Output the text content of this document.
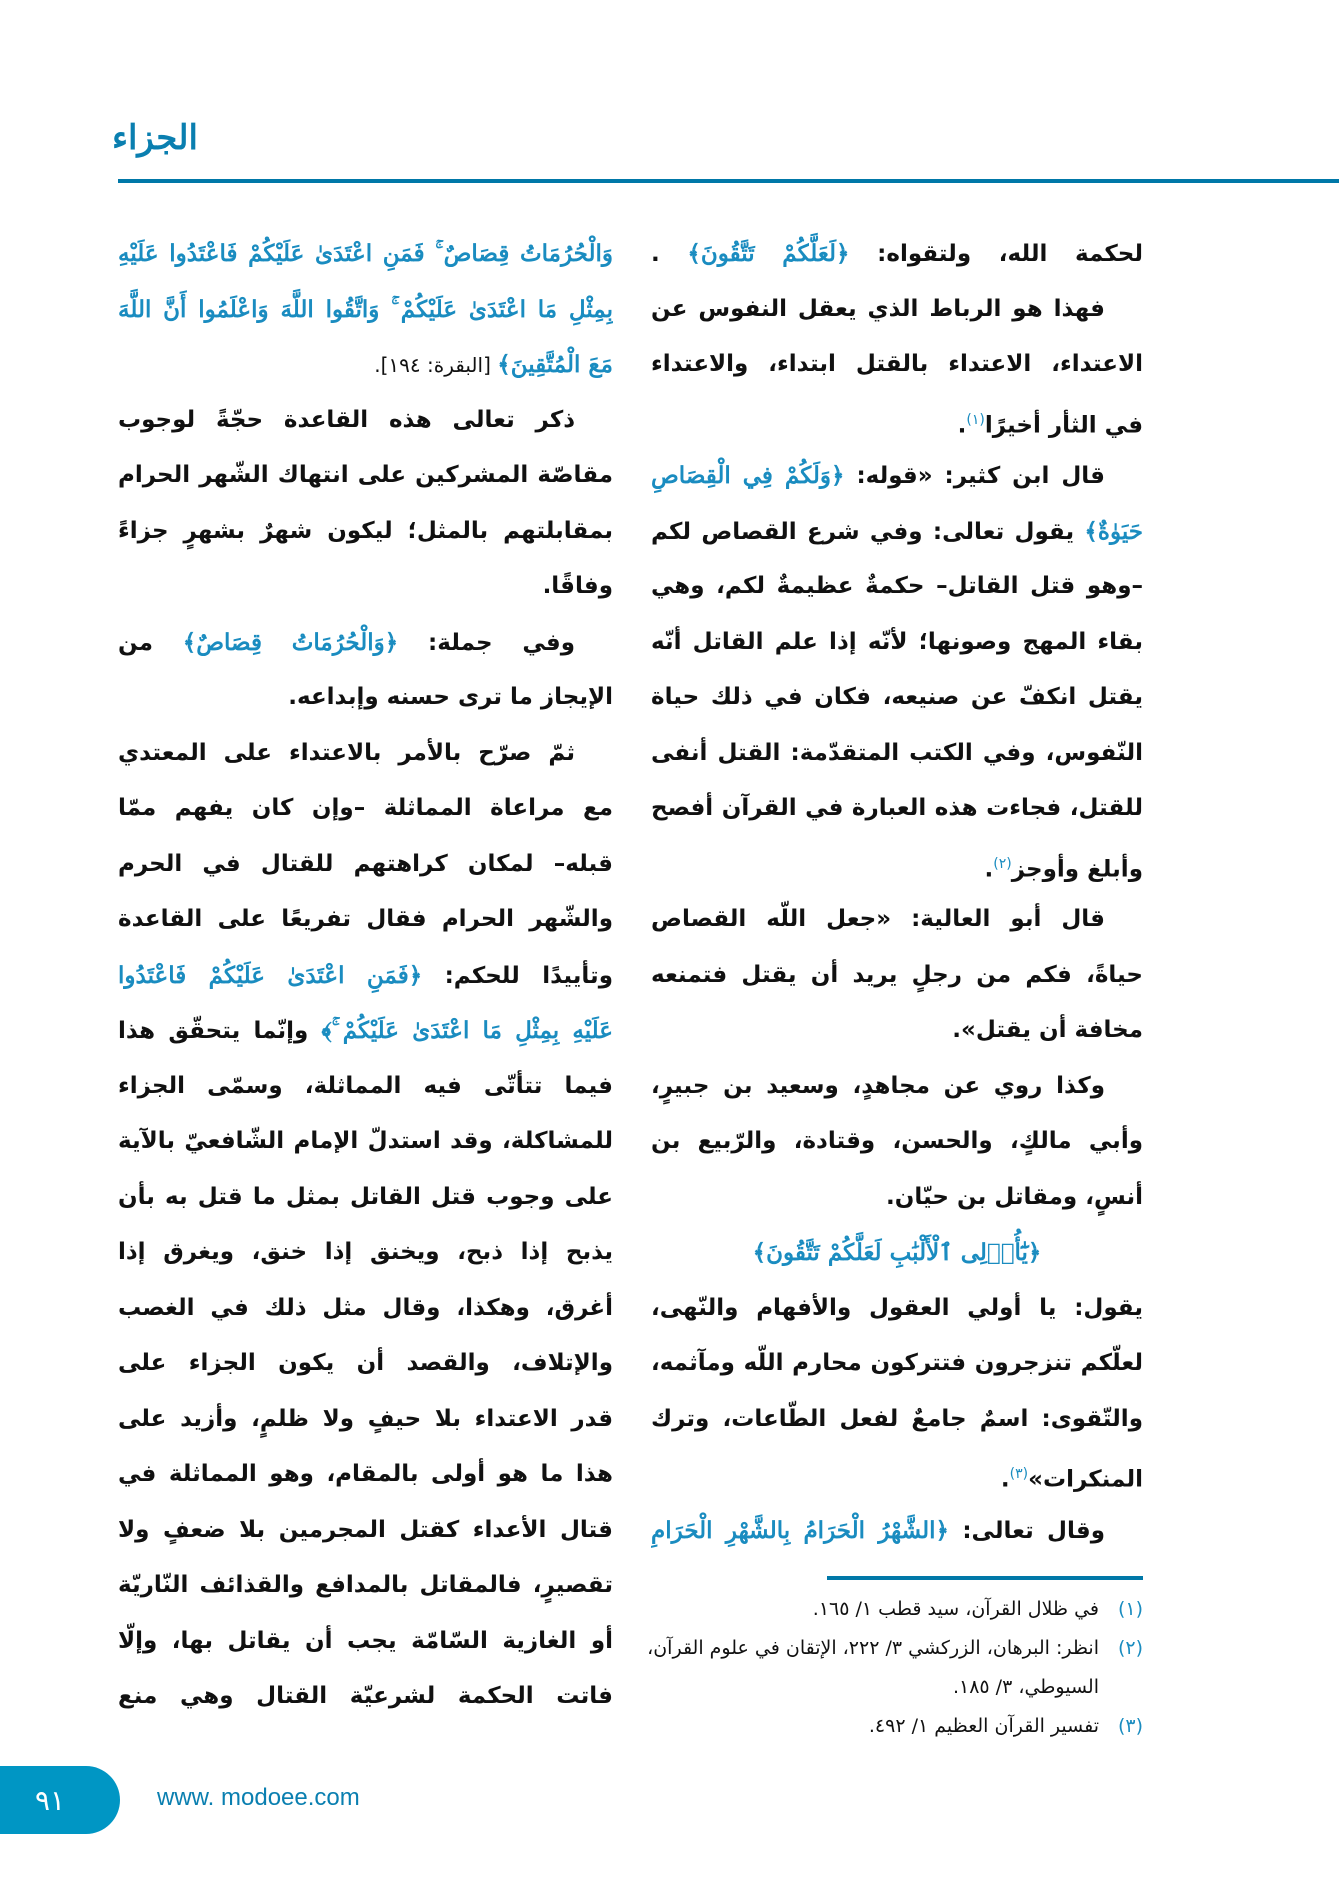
الجزاء
لحكمة الله، ولتقواه: ﴿لَعَلَّكُمْ تَتَّقُونَ﴾ .
فهذا هو الرباط الذي يعقل النفوس عن
الاعتداء، الاعتداء بالقتل ابتداء، والاعتداء
في الثأر أخيرًا$^{(١)}$.
قال ابن كثير: «قوله: ﴿وَلَكُمْ فِي الْقِصَاصِ
حَيَوٰةٌ﴾ يقول تعالى: وفي شرع القصاص لكم
–وهو قتل القاتل– حكمةٌ عظيمةٌ لكم، وهي
بقاء المهج وصونها؛ لأنّه إذا علم القاتل أنّه
يقتل انكفّ عن صنيعه، فكان في ذلك حياة
النّفوس، وفي الكتب المتقدّمة: القتل أنفى
للقتل، فجاءت هذه العبارة في القرآن أفصح
وأبلغ وأوجز$^{(٢)}$.
قال أبو العالية: «جعل اللّه القصاص
حياةً، فكم من رجلٍ يريد أن يقتل فتمنعه
مخافة أن يقتل».
وكذا روي عن مجاهدٍ، وسعيد بن جبيرٍ،
وأبي مالكٍ، والحسن، وقتادة، والرّبيع بن
أنسٍ، ومقاتل بن حيّان.
﴿يَٰٓأُو۟لِى ٱلْأَلْبَٰبِ لَعَلَّكُمْ تَتَّقُونَ﴾
يقول: يا أولي العقول والأفهام والنّهى،
لعلّكم تنزجرون فتتركون محارم اللّه ومآثمه،
والتّقوى: اسمٌ جامعٌ لفعل الطّاعات، وترك
المنكرات»$^{(٣)}$.
وقال تعالى: ﴿الشَّهْرُ الْحَرَامُ بِالشَّهْرِ الْحَرَامِ
وَالْحُرُمَاتُ قِصَاصٌ ۚ فَمَنِ اعْتَدَىٰ عَلَيْكُمْ فَاعْتَدُوا عَلَيْهِ
بِمِثْلِ مَا اعْتَدَىٰ عَلَيْكُمْ ۚ وَاتَّقُوا اللَّهَ وَاعْلَمُوا أَنَّ اللَّهَ
مَعَ الْمُتَّقِينَ﴾ [البقرة: ١٩٤].
ذكر تعالى هذه القاعدة حجّةً لوجوب
مقاصّة المشركين على انتهاك الشّهر الحرام
بمقابلتهم بالمثل؛ ليكون شهرٌ بشهرٍ جزاءً
وفاقًا.
وفي جملة: ﴿وَالْحُرُمَاتُ قِصَاصٌ﴾ من
الإيجاز ما ترى حسنه وإبداعه.
ثمّ صرّح بالأمر بالاعتداء على المعتدي
مع مراعاة المماثلة –وإن كان يفهم ممّا
قبله– لمكان كراهتهم للقتال في الحرم
والشّهر الحرام فقال تفريعًا على القاعدة
وتأييدًا للحكم: ﴿فَمَنِ اعْتَدَىٰ عَلَيْكُمْ فَاعْتَدُوا
عَلَيْهِ بِمِثْلِ مَا اعْتَدَىٰ عَلَيْكُمْ ۚ﴾ وإنّما يتحقّق هذا
فيما تتأتّى فيه المماثلة، وسمّى الجزاء
للمشاكلة، وقد استدلّ الإمام الشّافعيّ بالآية
على وجوب قتل القاتل بمثل ما قتل به بأن
يذبح إذا ذبح، ويخنق إذا خنق، ويغرق إذا
أغرق، وهكذا، وقال مثل ذلك في الغصب
والإتلاف، والقصد أن يكون الجزاء على
قدر الاعتداء بلا حيفٍ ولا ظلمٍ، وأزيد على
هذا ما هو أولى بالمقام، وهو المماثلة في
قتال الأعداء كقتل المجرمين بلا ضعفٍ ولا
تقصيرٍ، فالمقاتل بالمدافع والقذائف النّاريّة
أو الغازية السّامّة يجب أن يقاتل بها، وإلّا
فاتت الحكمة لشرعيّة القتال وهي منع
(١)
في ظلال القرآن، سيد قطب ١/ ١٦٥.
(٢)
انظر: البرهان، الزركشي ٣/ ٢٢٢، الإتقان في علوم القرآن، السيوطي، ٣/ ١٨٥.
(٣)
تفسير القرآن العظيم ١/ ٤٩٢.
٩١	www. modoee.com
